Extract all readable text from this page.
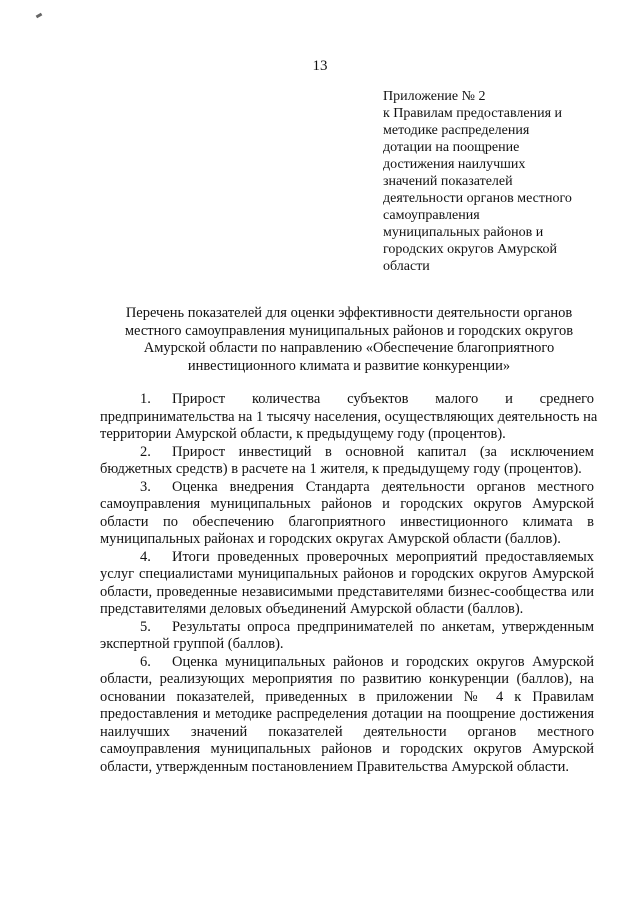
13
Приложение № 2
к Правилам предоставления и
методике распределения
дотации на поощрение
достижения наилучших
значений показателей
деятельности органов местного
самоуправления
муниципальных районов и
городских округов Амурской
области
Перечень показателей для оценки эффективности деятельности органов
местного самоуправления муниципальных районов и городских округов
Амурской области по направлению «Обеспечение благоприятного
инвестиционного климата и развитие конкуренции»
1. Прирост количества субъектов малого и среднего
предпринимательства на 1 тысячу населения, осуществляющих деятельность на
территории Амурской области, к предыдущему году (процентов).
2. Прирост инвестиций в основной капитал (за исключением
бюджетных средств) в расчете на 1 жителя, к предыдущему году (процентов).
3. Оценка внедрения Стандарта деятельности органов местного
самоуправления муниципальных районов и городских округов Амурской
области по обеспечению благоприятного инвестиционного климата в
муниципальных районах и городских округах Амурской области (баллов).
4. Итоги проведенных проверочных мероприятий предоставляемых
услуг специалистами муниципальных районов и городских округов Амурской
области, проведенные независимыми представителями бизнес-сообщества или
представителями деловых объединений Амурской области (баллов).
5. Результаты опроса предпринимателей по анкетам, утвержденным
экспертной группой (баллов).
6. Оценка муниципальных районов и городских округов Амурской
области, реализующих мероприятия по развитию конкуренции (баллов), на
основании показателей, приведенных в приложении № 4 к Правилам
предоставления и методике распределения дотации на поощрение достижения
наилучших значений показателей деятельности органов местного
самоуправления муниципальных районов и городских округов Амурской
области, утвержденным постановлением Правительства Амурской области.
